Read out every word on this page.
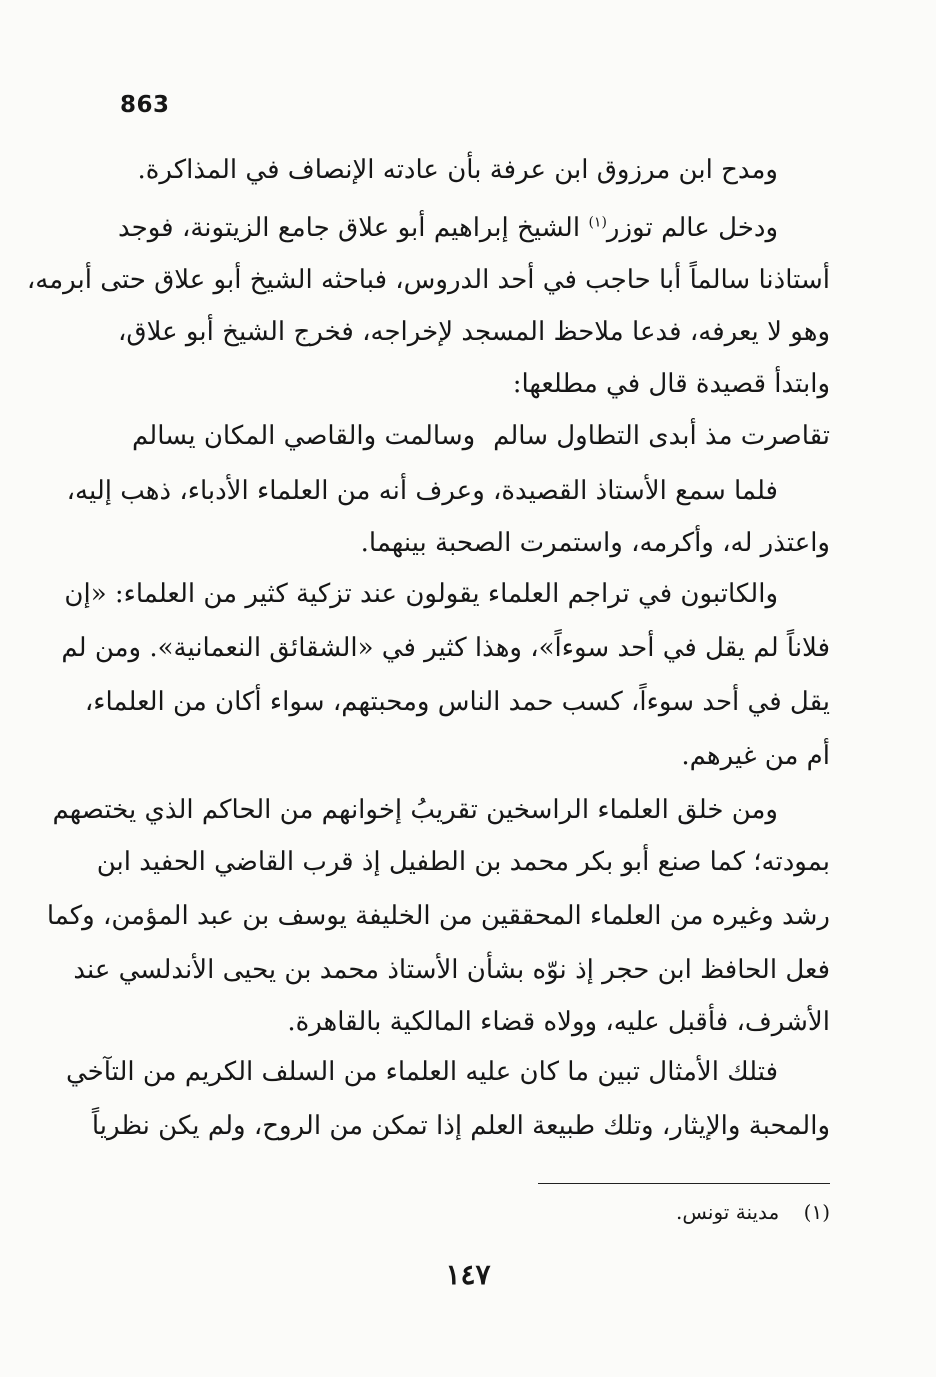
863
ومدح ابن مرزوق ابن عرفة بأن عادته الإنصاف في المذاكرة.
ودخل عالم توزر$^{(١)}$ الشيخ إبراهيم أبو علاق جامع الزيتونة، فوجد
أستاذنا سالماً أبا حاجب في أحد الدروس، فباحثه الشيخ أبو علاق حتى أبرمه،
وهو لا يعرفه، فدعا ملاحظ المسجد لإخراجه، فخرج الشيخ أبو علاق،
وابتدأ قصيدة قال في مطلعها:
تقاصرت مذ أبدى التطاول سالم
وسالمت والقاصي المكان يسالم
فلما سمع الأستاذ القصيدة، وعرف أنه من العلماء الأدباء، ذهب إليه،
واعتذر له، وأكرمه، واستمرت الصحبة بينهما.
والكاتبون في تراجم العلماء يقولون عند تزكية كثير من العلماء: «إن
فلاناً لم يقل في أحد سوءاً»، وهذا كثير في «الشقائق النعمانية». ومن لم
يقل في أحد سوءاً، كسب حمد الناس ومحبتهم، سواء أكان من العلماء،
أم من غيرهم.
ومن خلق العلماء الراسخين تقريبُ إخوانهم من الحاكم الذي يختصهم
بمودته؛ كما صنع أبو بكر محمد بن الطفيل إذ قرب القاضي الحفيد ابن
رشد وغيره من العلماء المحققين من الخليفة يوسف بن عبد المؤمن، وكما
فعل الحافظ ابن حجر إذ نوّه بشأن الأستاذ محمد بن يحيى الأندلسي عند
الأشرف، فأقبل عليه، وولاه قضاء المالكية بالقاهرة.
فتلك الأمثال تبين ما كان عليه العلماء من السلف الكريم من التآخي
والمحبة والإيثار، وتلك طبيعة العلم إذا تمكن من الروح، ولم يكن نظرياً
(١) مدينة تونس.
١٤٧
